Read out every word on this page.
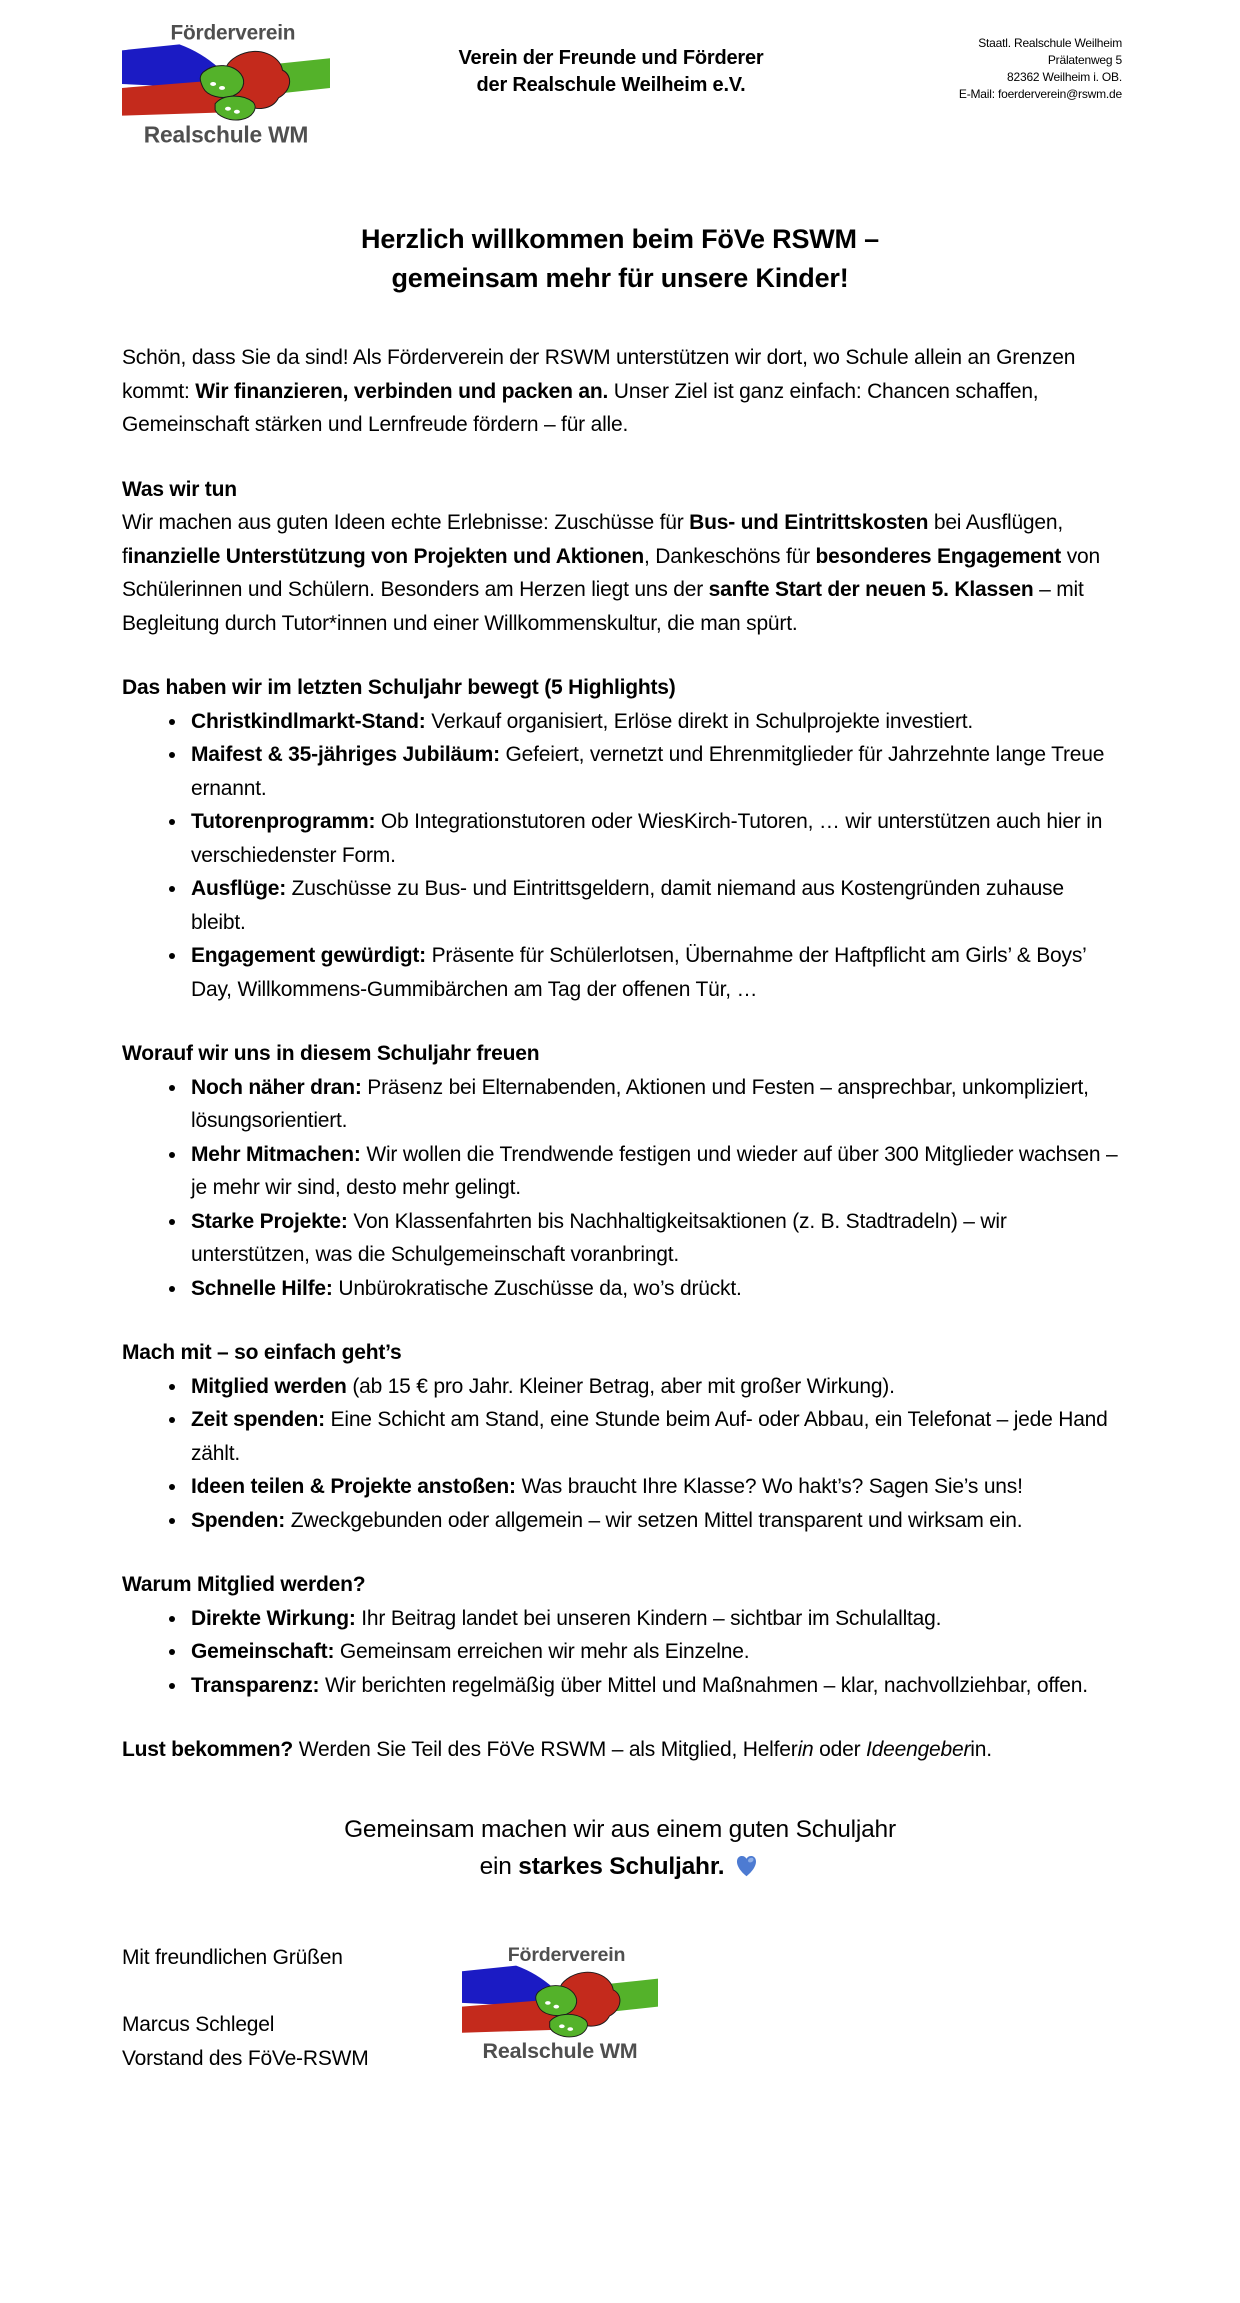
Förderverein
Realschule WM
Verein der Freunde und Förderer
der Realschule Weilheim e.V.
Staatl. Realschule Weilheim
Prälatenweg 5
82362 Weilheim i. OB.
E-Mail: foerderverein@rswm.de
Herzlich willkommen beim FöVe RSWM –
gemeinsam mehr für unsere Kinder!

Schön, dass Sie da sind! Als Förderverein der RSWM unterstützen wir dort, wo Schule allein an Grenzen kommt: Wir finanzieren, verbinden und packen an. Unser Ziel ist ganz einfach: Chancen schaffen, Gemeinschaft stärken und Lernfreude fördern – für alle.

Was wir tun

Wir machen aus guten Ideen echte Erlebnisse: Zuschüsse für Bus- und Eintrittskosten bei Ausflügen, finanzielle Unterstützung von Projekten und Aktionen, Dankeschöns für besonderes Engagement von Schülerinnen und Schülern. Besonders am Herzen liegt uns der sanfte Start der neuen 5. Klassen – mit Begleitung durch Tutor*innen und einer Willkommenskultur, die man spürt.

Das haben wir im letzten Schuljahr bewegt (5 Highlights)
• Christkindlmarkt-Stand: Verkauf organisiert, Erlöse direkt in Schulprojekte investiert.
• Maifest & 35-jähriges Jubiläum: Gefeiert, vernetzt und Ehrenmitglieder für Jahrzehnte lange Treue ernannt.
• Tutorenprogramm: Ob Integrationstutoren oder WiesKirch-Tutoren, … wir unterstützen auch hier in verschiedenster Form.
• Ausflüge: Zuschüsse zu Bus- und Eintrittsgeldern, damit niemand aus Kostengründen zuhause bleibt.
• Engagement gewürdigt: Präsente für Schülerlotsen, Übernahme der Haftpflicht am Girls’ & Boys’ Day, Willkommens-Gummibärchen am Tag der offenen Tür, …
Worauf wir uns in diesem Schuljahr freuen
• Noch näher dran: Präsenz bei Elternabenden, Aktionen und Festen – ansprechbar, unkompliziert, lösungsorientiert.
• Mehr Mitmachen: Wir wollen die Trendwende festigen und wieder auf über 300 Mitglieder wachsen – je mehr wir sind, desto mehr gelingt.
• Starke Projekte: Von Klassenfahrten bis Nachhaltigkeitsaktionen (z. B. Stadtradeln) – wir unterstützen, was die Schulgemeinschaft voranbringt.
• Schnelle Hilfe: Unbürokratische Zuschüsse da, wo’s drückt.
Mach mit – so einfach geht’s
• Mitglied werden (ab 15 € pro Jahr. Kleiner Betrag, aber mit großer Wirkung).
• Zeit spenden: Eine Schicht am Stand, eine Stunde beim Auf- oder Abbau, ein Telefonat – jede Hand zählt.
• Ideen teilen & Projekte anstoßen: Was braucht Ihre Klasse? Wo hakt’s? Sagen Sie’s uns!
• Spenden: Zweckgebunden oder allgemein – wir setzen Mittel transparent und wirksam ein.
Warum Mitglied werden?
• Direkte Wirkung: Ihr Beitrag landet bei unseren Kindern – sichtbar im Schulalltag.
• Gemeinschaft: Gemeinsam erreichen wir mehr als Einzelne.
• Transparenz: Wir berichten regelmäßig über Mittel und Maßnahmen – klar, nachvollziehbar, offen.

Lust bekommen? Werden Sie Teil des FöVe RSWM – als Mitglied, Helferin oder Ideengeberin.

Gemeinsam machen wir aus einem guten Schuljahr
ein starkes Schuljahr.
Mit freundlichen Grüßen
Marcus Schlegel
Vorstand des FöVe-RSWM
Förderverein
Realschule WM
